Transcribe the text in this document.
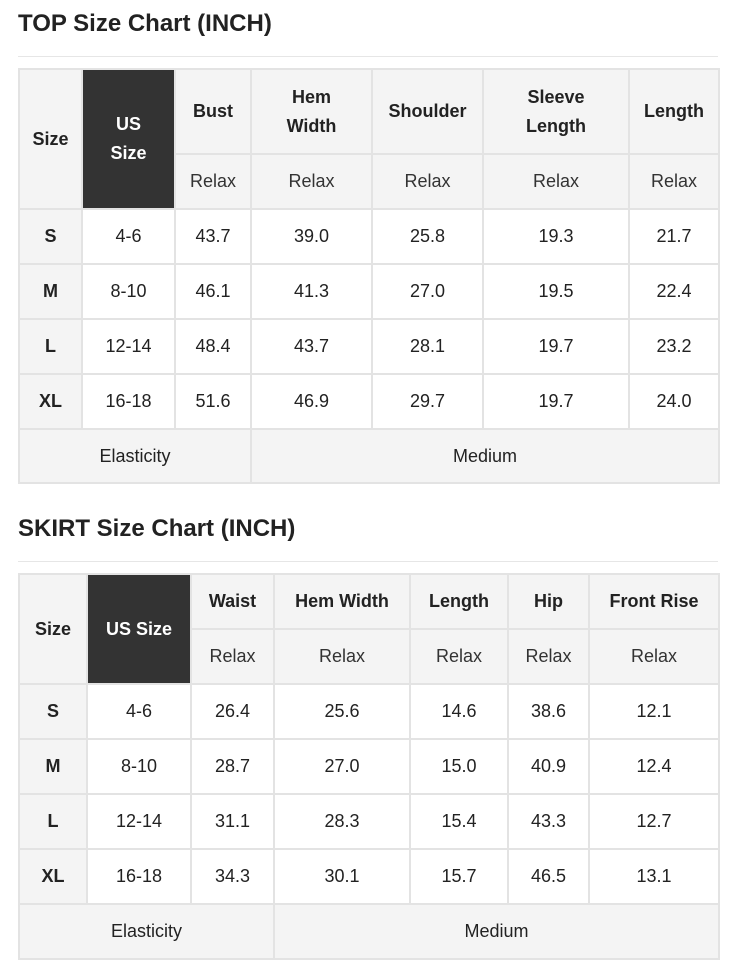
TOP Size Chart (INCH)
Size	US Size	Bust	Hem Width	Shoulder	Sleeve Length	Length
		Relax	Relax	Relax	Relax	Relax
S	4-6	43.7	39.0	25.8	19.3	21.7
M	8-10	46.1	41.3	27.0	19.5	22.4
L	12-14	48.4	43.7	28.1	19.7	23.2
XL	16-18	51.6	46.9	29.7	19.7	24.0
Elasticity			Medium			
SKIRT Size Chart (INCH)
Size	US Size	Waist	Hem Width	Length	Hip	Front Rise
		Relax	Relax	Relax	Relax	Relax
S	4-6	26.4	25.6	14.6	38.6	12.1
M	8-10	28.7	27.0	15.0	40.9	12.4
L	12-14	31.1	28.3	15.4	43.3	12.7
XL	16-18	34.3	30.1	15.7	46.5	13.1
Elasticity			Medium			
